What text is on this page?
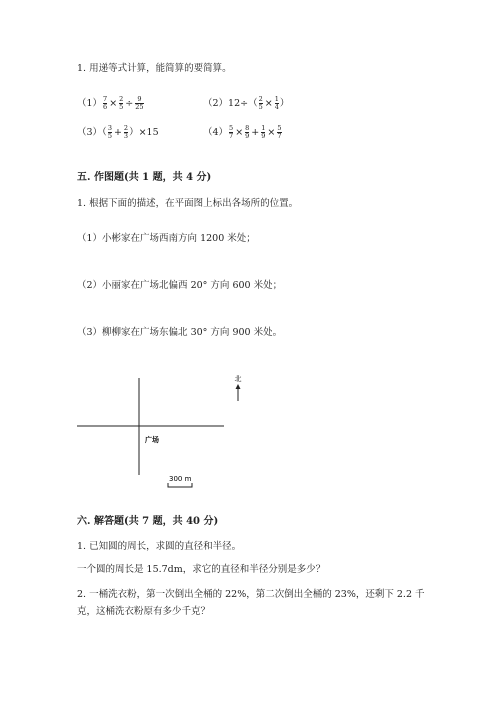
1. 用递等式计算，能简算的要简算。
$(1) \frac{7}{6} \times \frac{2}{5} \div \frac{9}{25}$	$(2)12\div( \frac{2}{5} \times \frac{1}{4}$ ）
$(3)( \frac{3}{5} + \frac{2}{3} )\times 15$	$(4) \frac{5}{7} \times \frac{8}{9} + \frac{1}{9} \times \frac{5}{7}$
五. 作图题(共 1 题，共 4 分)
1. 根据下面的描述，在平面图上标出各场所的位置。
（1）小彬家在广场西南方向 1200 米处；
（2）小丽家在广场北偏西 20° 方向 600 米处；
（3）柳柳家在广场东偏北 30° 方向 900 米处。
北
广场
300 m
六. 解答题(共 7 题，共 40 分)
1. 已知圆的周长，求圆的直径和半径。
一个圆的周长是 15.7dm，求它的直径和半径分别是多少？
2. 一桶洗衣粉，第一次倒出全桶的 22%，第二次倒出全桶的 23%，还剩下 2.2 千
克，这桶洗衣粉原有多少千克？
